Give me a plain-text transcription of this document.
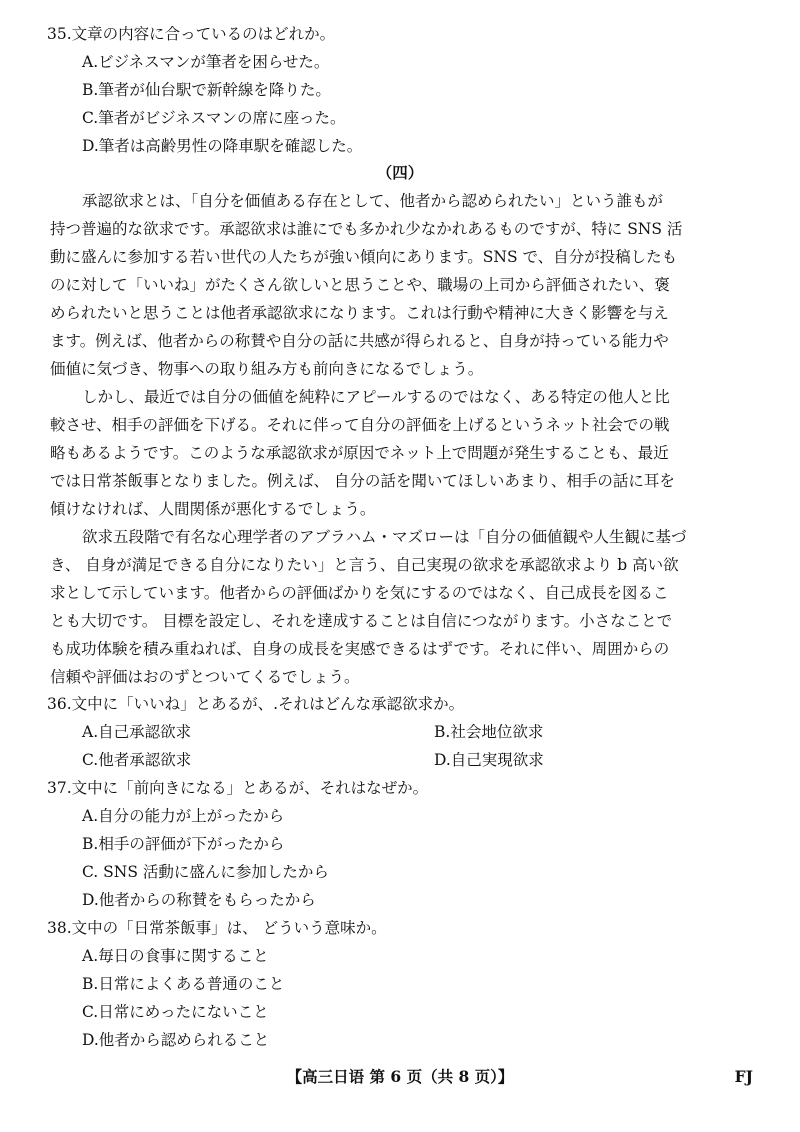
35.文章の内容に合っているのはどれか。
A.ビジネスマンが筆者を困らせた。
B.筆者が仙台駅で新幹線を降りた。
C.筆者がビジネスマンの席に座った。
D.筆者は高齢男性の降車駅を確認した。
（四）
承認欲求とは、「自分を価値ある存在として、他者から認められたい」という誰もが
持つ普遍的な欲求です。承認欲求は誰にでも多かれ少なかれあるものですが、特に SNS 活
動に盛んに参加する若い世代の人たちが強い傾向にあります。SNS で、自分が投稿したも
のに対して「いいね」がたくさん欲しいと思うことや、職場の上司から評価されたい、褒
められたいと思うことは他者承認欲求になります。これは行動や精神に大きく影響を与え
ます。例えば、他者からの称賛や自分の話に共感が得られると、自身が持っている能力や
価値に気づき、物事への取り組み方も前向きになるでしょう。
しかし、最近では自分の価値を純粋にアピールするのではなく、ある特定の他人と比
較させ、相手の評価を下げる。それに伴って自分の評価を上げるというネット社会での戦
略もあるようです。このような承認欲求が原因でネット上で問題が発生することも、最近
では日常茶飯事となりました。例えば、 自分の話を聞いてほしいあまり、相手の話に耳を
傾けなければ、人間関係が悪化するでしょう。
欲求五段階で有名な心理学者のアブラハム・マズローは「自分の価値観や人生観に基づ
き、 自身が満足できる自分になりたい」と言う、自己実現の欲求を承認欲求より b 高い欲
求として示しています。他者からの評価ばかりを気にするのではなく、自己成長を図るこ
とも大切です。 目標を設定し、それを達成することは自信につながります。小さなことで
も成功体験を積み重ねれば、自身の成長を実感できるはずです。それに伴い、周囲からの
信頼や評価はおのずとついてくるでしょう。
36.文中に「いいね」とあるが、.それはどんな承認欲求か。
A.自己承認欲求	B.社会地位欲求
C.他者承認欲求	D.自己実現欲求
37.文中に「前向きになる」とあるが、それはなぜか。
A.自分の能力が上がったから
B.相手の評価が下がったから
C. SNS 活動に盛んに参加したから
D.他者からの称賛をもらったから
38.文中の「日常茶飯事」は、 どういう意味か。
A.毎日の食事に関すること
B.日常によくある普通のこと
C.日常にめったにないこと
D.他者から認められること
【高三日语 第 6 页（共 8 页）】	FJ
